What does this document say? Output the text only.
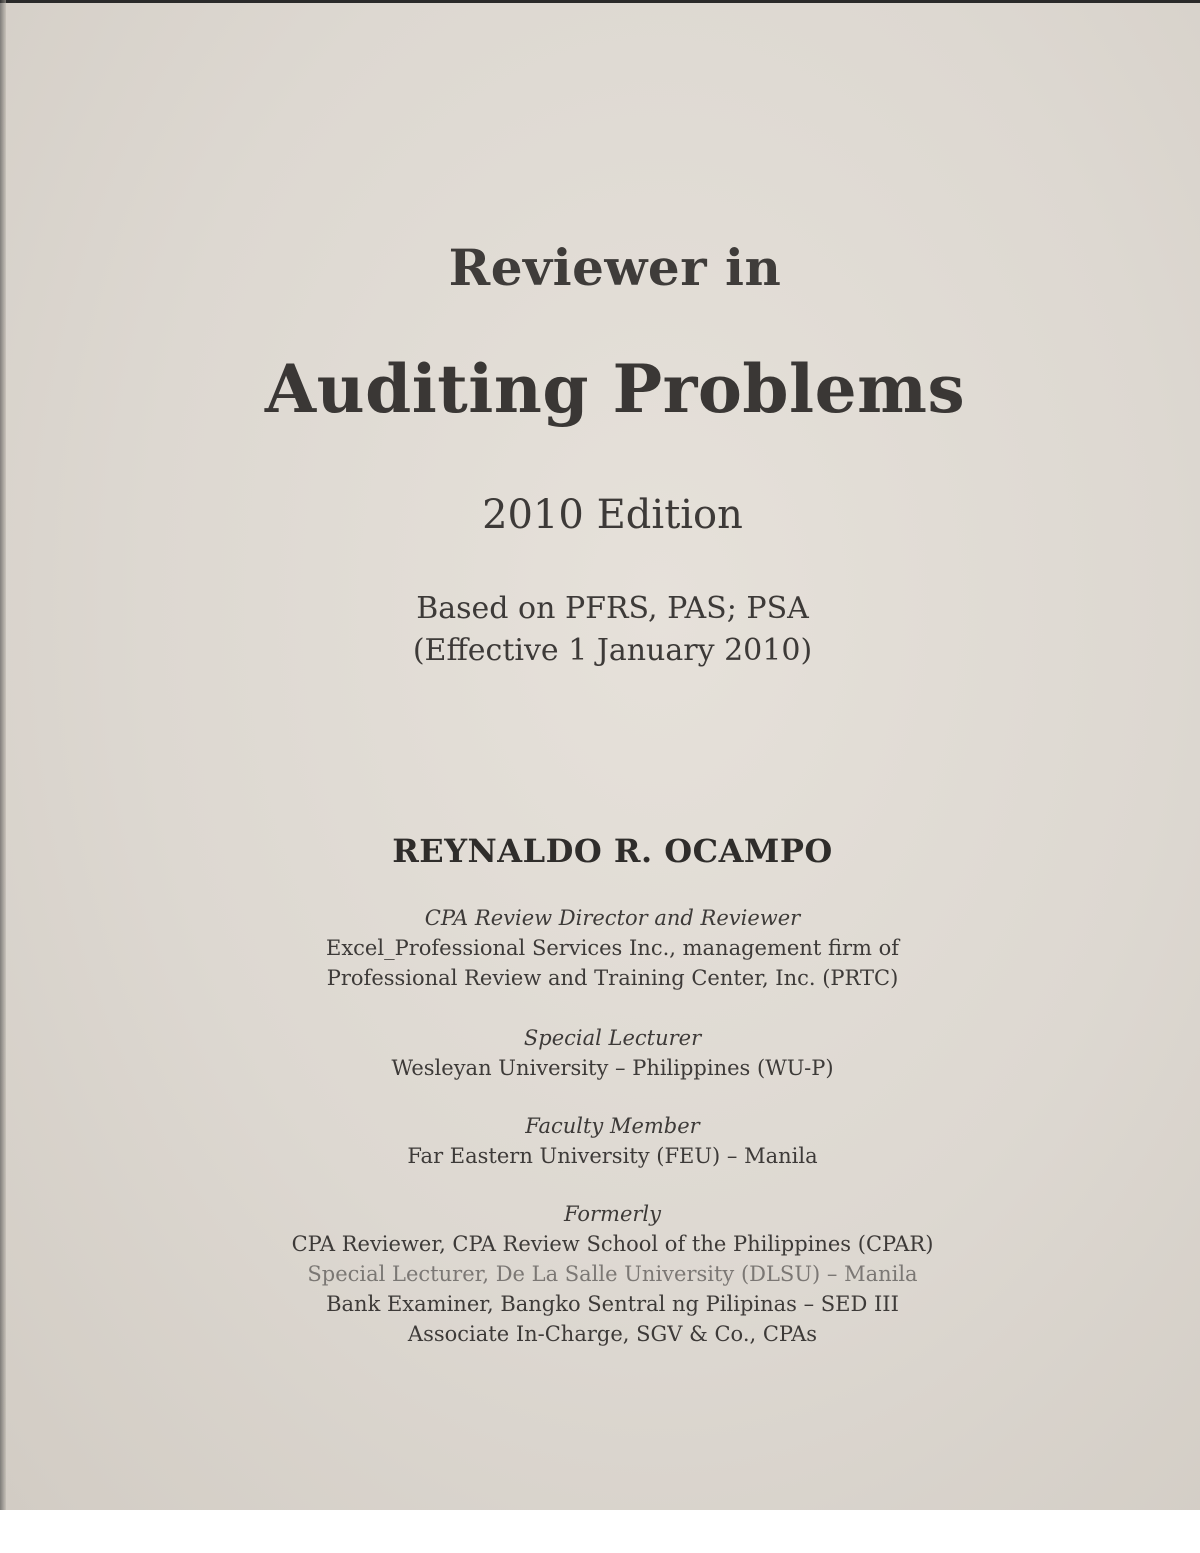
Reviewer in
Auditing Problems
2010 Edition
Based on PFRS, PAS; PSA
(Effective 1 January 2010)
REYNALDO R. OCAMPO
CPA Review Director and Reviewer
Excel_Professional Services Inc., management firm of
Professional Review and Training Center, Inc. (PRTC)
Special Lecturer
Wesleyan University – Philippines (WU-P)
Faculty Member
Far Eastern University (FEU) – Manila
Formerly
CPA Reviewer, CPA Review School of the Philippines (CPAR)
Special Lecturer, De La Salle University (DLSU) – Manila
Bank Examiner, Bangko Sentral ng Pilipinas – SED III
Associate In-Charge, SGV & Co., CPAs
